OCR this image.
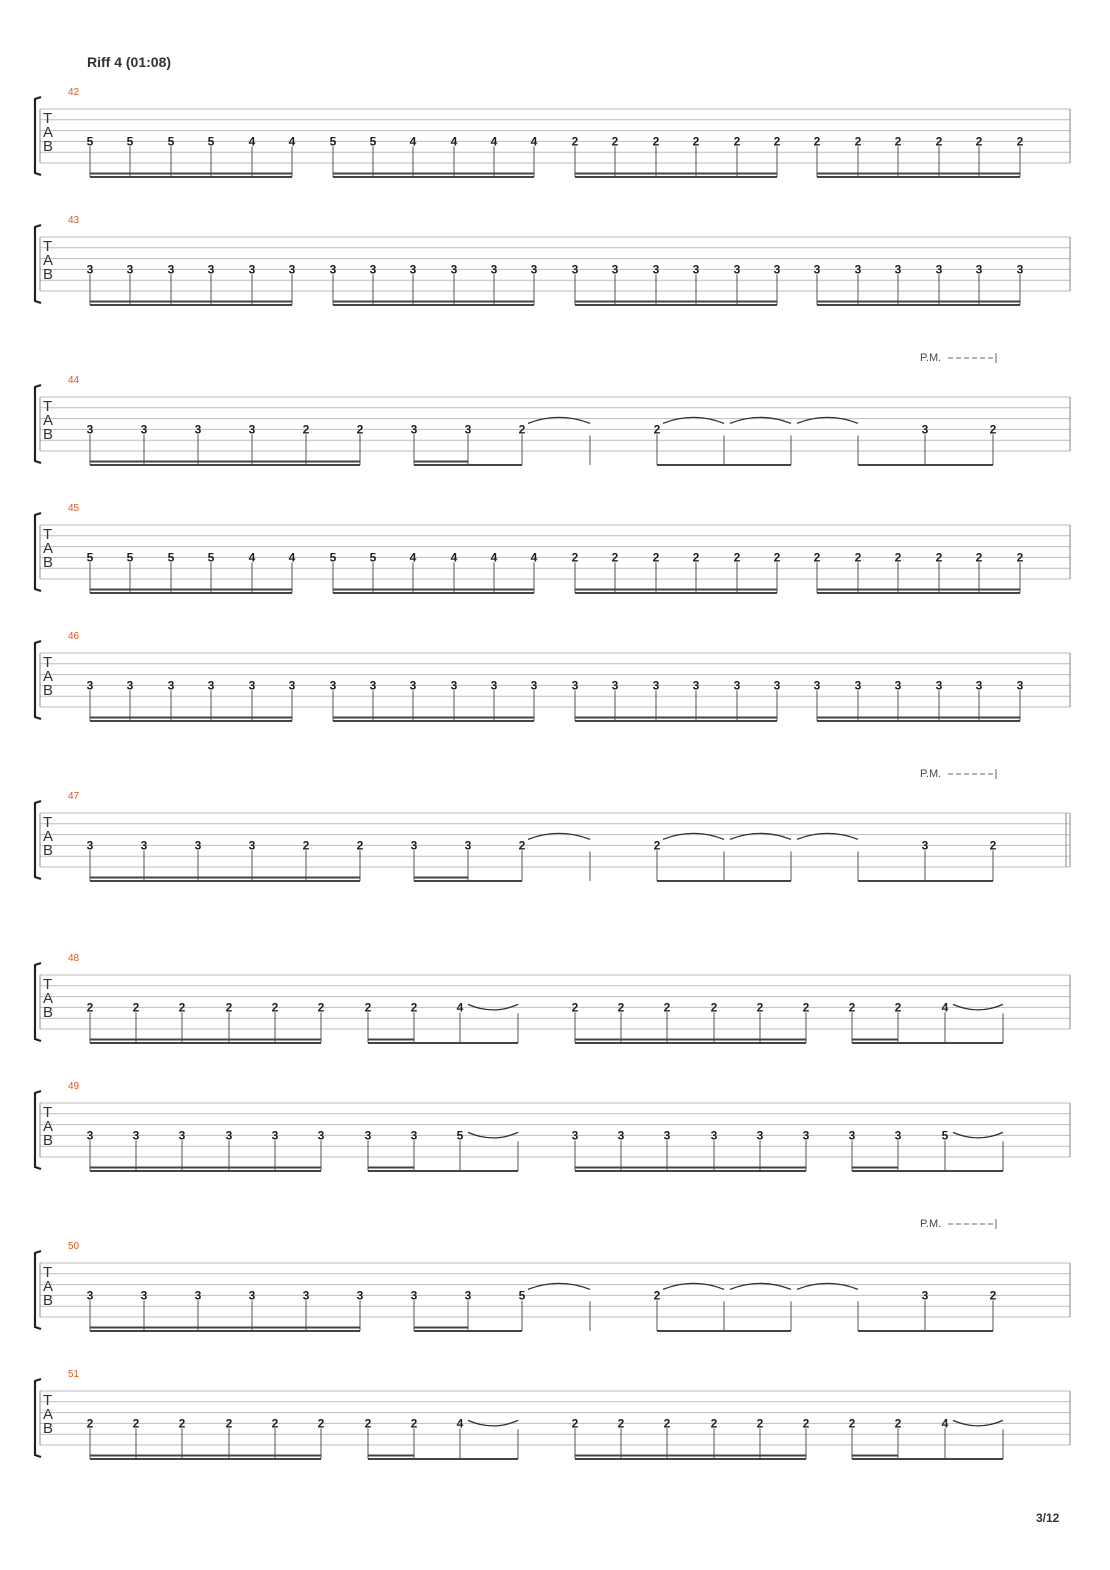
Riff 4 (01:08)
T
A
B
42
5	5	5	5	4	4	5	5	4	4	4	4	2	2	2	2	2	2	2	2	2	2	2	2
T
A
B
43
3	3	3	3	3	3	3	3	3	3	3	3	3	3	3	3	3	3	3	3	3	3	3	3
T
A
B
44
P.M.
3	3	3	3	2	2	3	3	2	2	3	2
T
A
B
45
5	5	5	5	4	4	5	5	4	4	4	4	2	2	2	2	2	2	2	2	2	2	2	2
T
A
B
46
3	3	3	3	3	3	3	3	3	3	3	3	3	3	3	3	3	3	3	3	3	3	3	3
T
A
B
47
P.M.
3	3	3	3	2	2	3	3	2	2	3	2
T
A
B
48
2	2	2	2	2	2	2	2	4	2	2	2	2	2	2	2	2	4
T
A
B
49
3	3	3	3	3	3	3	3	5	3	3	3	3	3	3	3	3	5
T
A
B
50
P.M.
3	3	3	3	3	3	3	3	5	2	3	2
T
A
B
51
2	2	2	2	2	2	2	2	4	2	2	2	2	2	2	2	2	4
3/12
